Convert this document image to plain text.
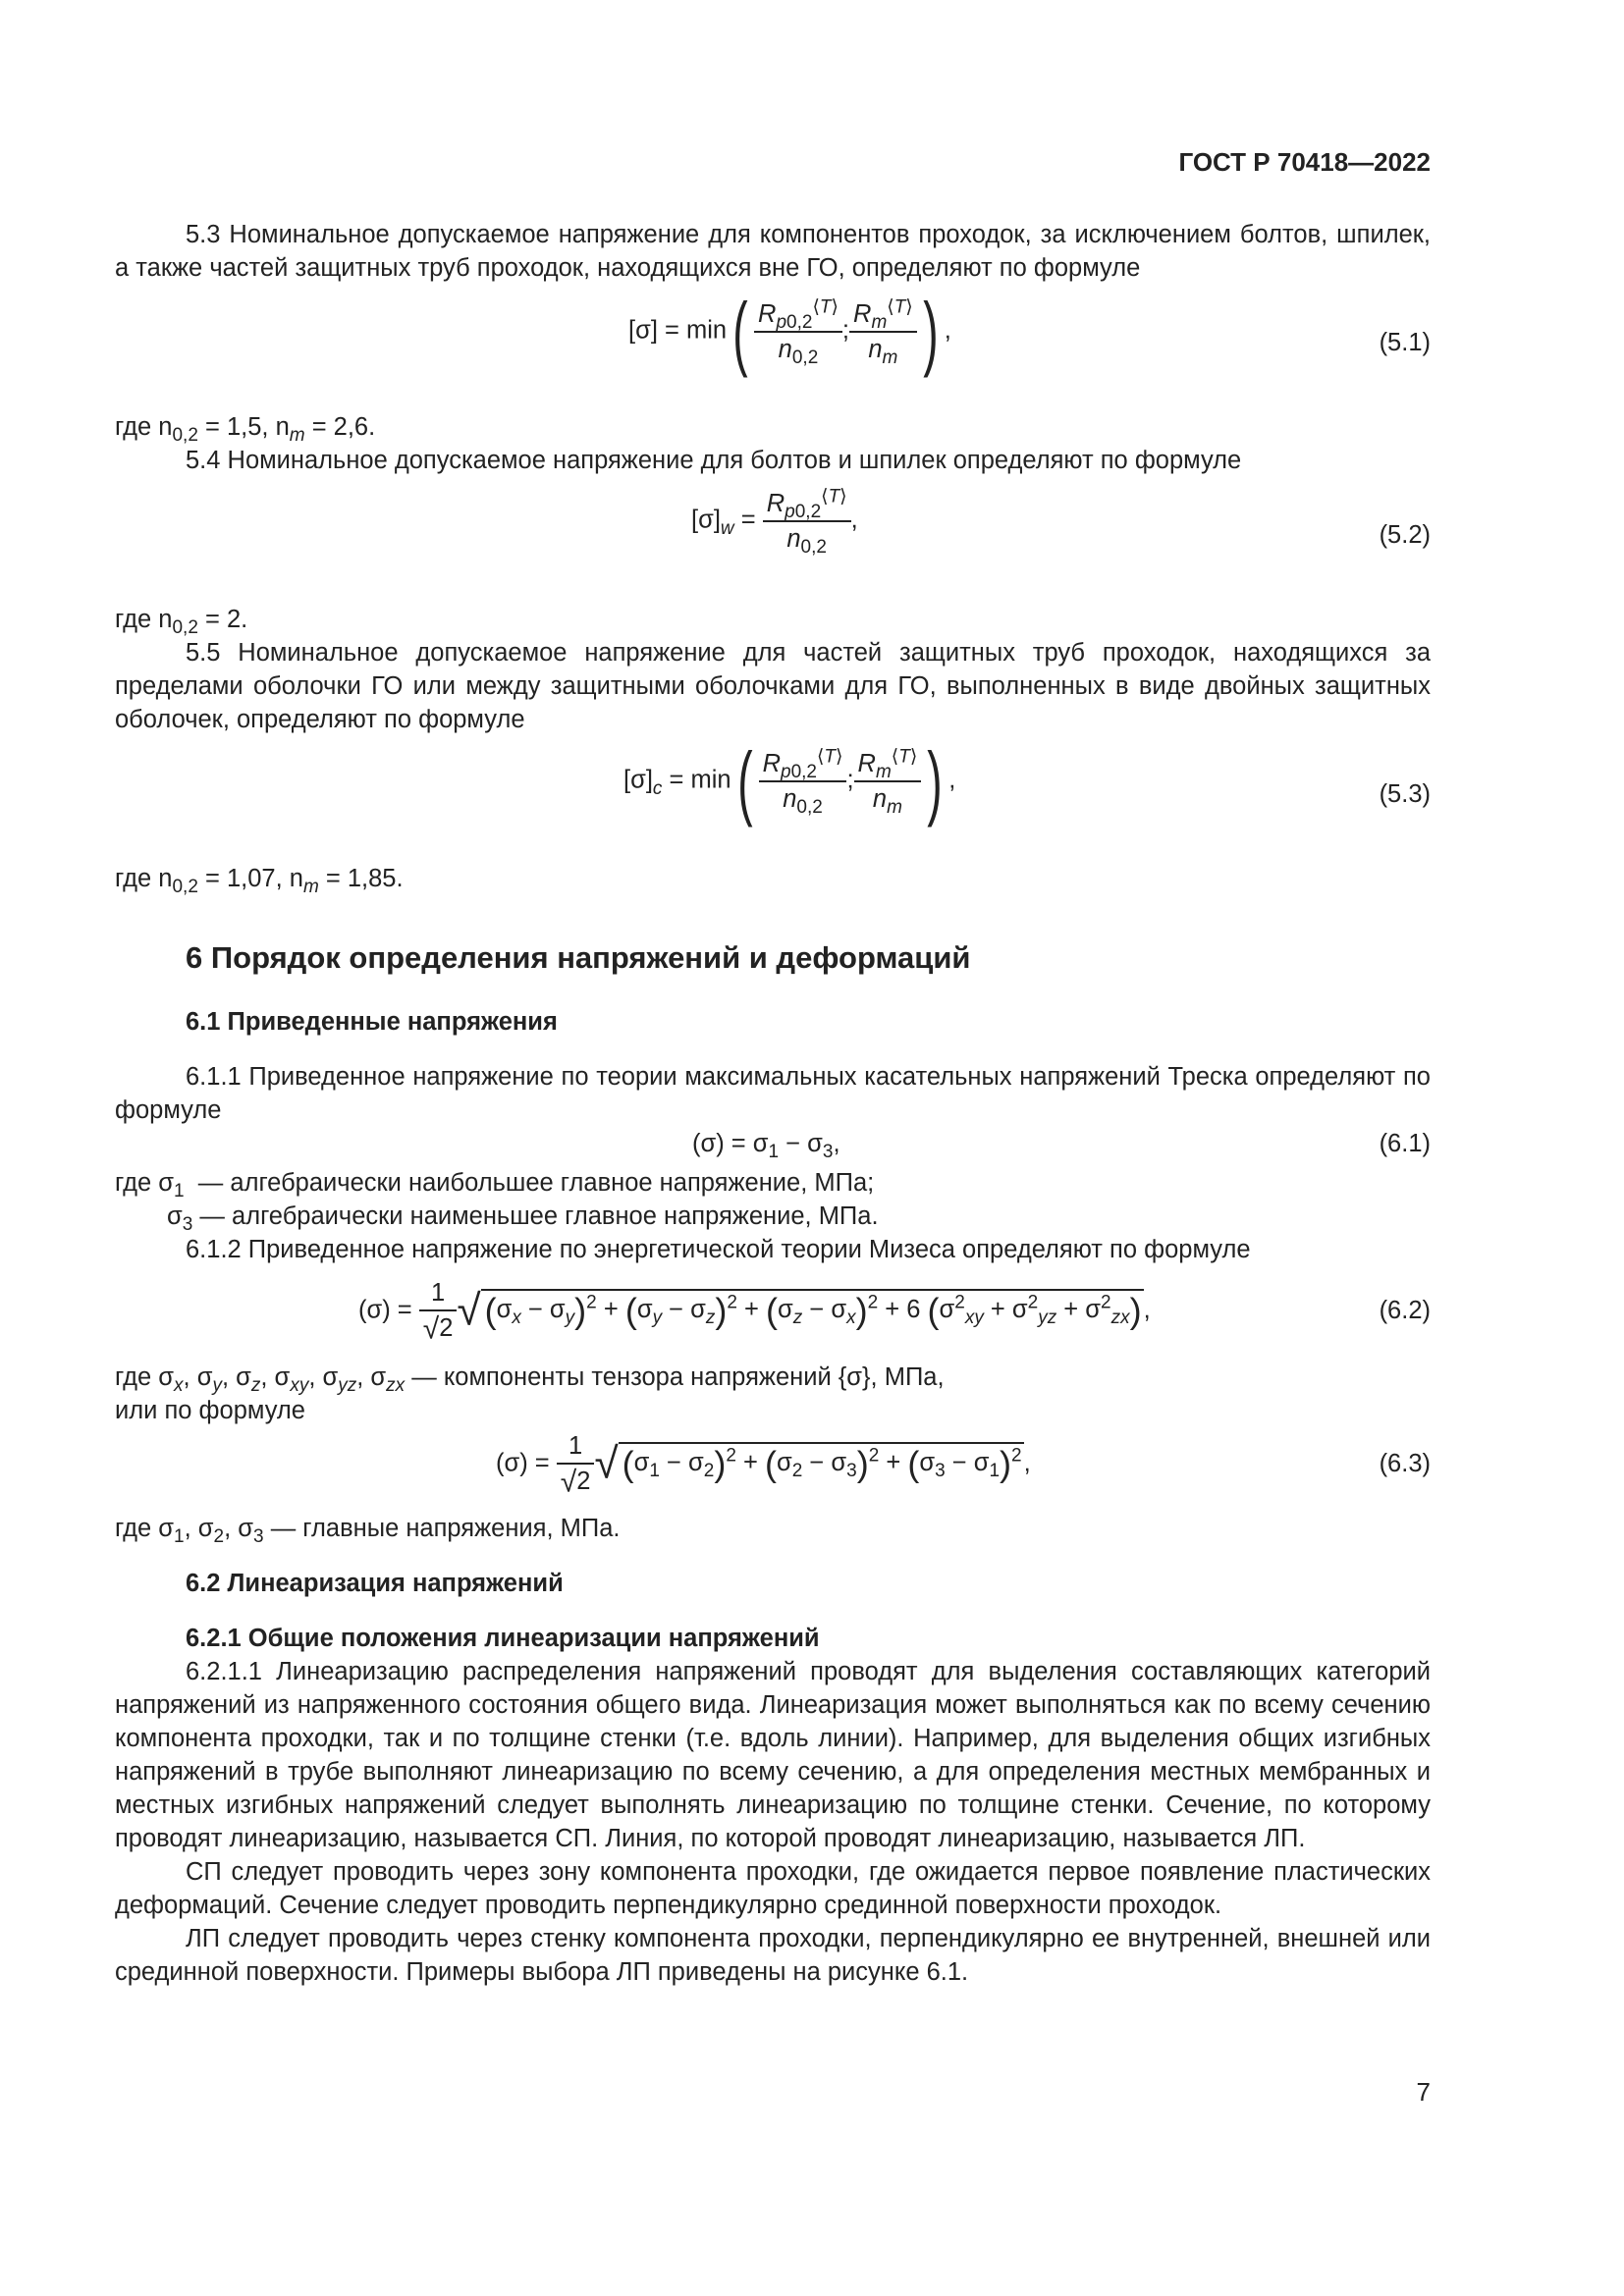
ГОСТ Р 70418—2022

5.3 Номинальное допускаемое напряжение для компонентов проходок, за исключением болтов, шпилек, а также частей защитных труб проходок, находящихся вне ГО, определяют по формуле

$[\sigma] = \min( \frac{R_{p0,2}^{⟨T⟩}}{n_{0,2}}$ ; $\frac{R_m^{⟨T⟩}}{n_m}$ ) ,	(5.1)

где $n_{0,2} = 1,5$, $n_m = 2,6$.

5.4 Номинальное допускаемое напряжение для болтов и шпилек определяют по формуле

$[\sigma]_w = \frac{R_{p0,2}^{⟨T⟩}}{n_{0,2}}$ ,
(5.2)

где $n_{0,2} = 2$.

5.5 Номинальное допускаемое напряжение для частей защитных труб проходок, находящихся за пределами оболочки ГО или между защитными оболочками для ГО, выполненных в виде двойных защитных оболочек, определяют по формуле

$[\sigma]_c = \min( \frac{R_{p0,2}^{⟨T⟩}}{n_{0,2}}$ ; $\frac{R_m^{⟨T⟩}}{n_m}$ ) ,
(5.3)

где $n_{0,2} = 1,07$, $n_m = 1,85$.

6 Порядок определения напряжений и деформаций

6.1 Приведенные напряжения

6.1.1 Приведенное напряжение по теории максимальных касательных напряжений Треска определяют по формуле

$(\sigma) = \sigma_1 - \sigma_3$,	(6.1)

где $\sigma_1$ — алгебраически наибольшее главное напряжение, МПа;

$\sigma_3$ — алгебраически наименьшее главное напряжение, МПа.

6.1.2 Приведенное напряжение по энергетической теории Мизеса определяют по формуле

$(\sigma) = \frac{1}{√2}$ √ $(\sigma_x - \sigma_y)^2 + (\sigma_y - \sigma_z)^2 + (\sigma_z - \sigma_x)^2 + 6$ $(\sigma^2_{xy} + \sigma^2_{yz} + \sigma^2_{zx})$,	(6.2)

где $\sigma_x$, $\sigma_y$, $\sigma_z$, $\sigma_{xy}$, $\sigma_{yz}$, $\sigma_{zx}$ — компоненты тензора напряжений {σ}, МПа,

или по формуле

$(\sigma) = \frac{1}{√2}$ √ $(\sigma_1 - \sigma_2)^2 + (\sigma_2 - \sigma_3)^2 + (\sigma_3 - \sigma_1)^2$,	(6.3)

где $\sigma_1$, $\sigma_2$, $\sigma_3$ — главные напряжения, МПа.

6.2 Линеаризация напряжений

6.2.1 Общие положения линеаризации напряжений

6.2.1.1 Линеаризацию распределения напряжений проводят для выделения составляющих категорий напряжений из напряженного состояния общего вида. Линеаризация может выполняться как по всему сечению компонента проходки, так и по толщине стенки (т.е. вдоль линии). Например, для выделения общих изгибных напряжений в трубе выполняют линеаризацию по всему сечению, а для определения местных мембранных и местных изгибных напряжений следует выполнять линеаризацию по толщине стенки. Сечение, по которому проводят линеаризацию, называется СП. Линия, по которой проводят линеаризацию, называется ЛП.

СП следует проводить через зону компонента проходки, где ожидается первое появление пластических деформаций. Сечение следует проводить перпендикулярно срединной поверхности проходок.

ЛП следует проводить через стенку компонента проходки, перпендикулярно ее внутренней, внешней или срединной поверхности. Примеры выбора ЛП приведены на рисунке 6.1.

7
